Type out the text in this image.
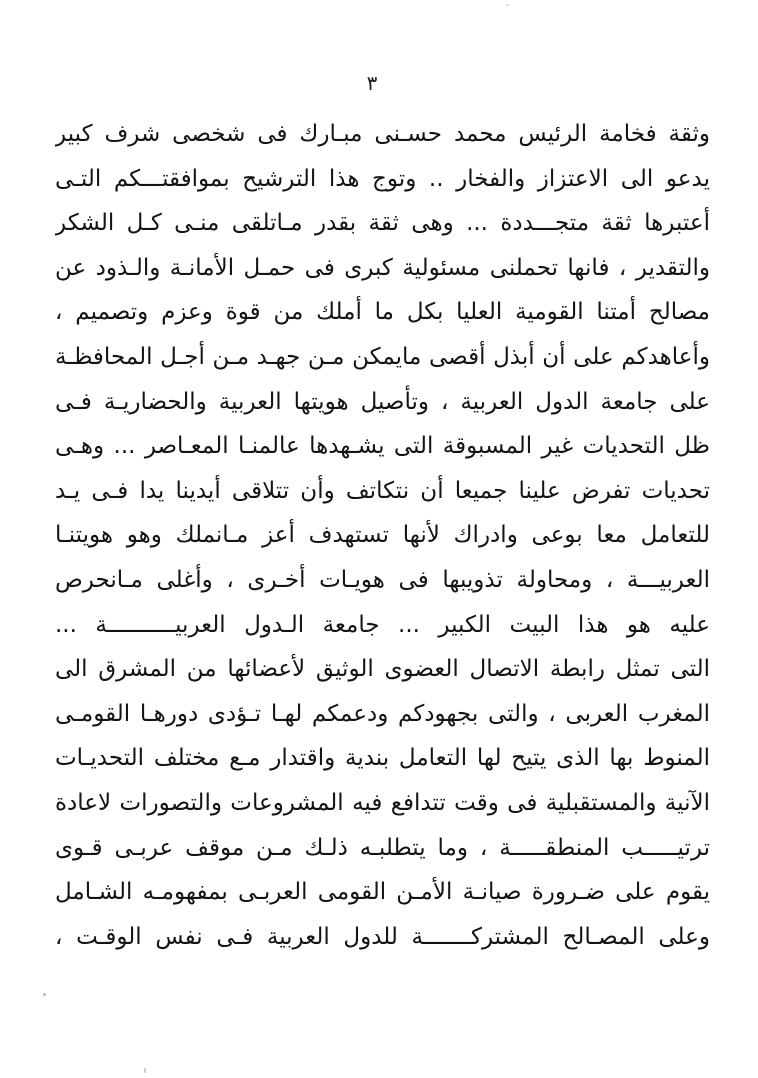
٣
وثقة فخامة الرئيس محمد حسـنى مبـارك فى شخصى شرف كبير
يدعو الى الاعتزاز والفخار .. وتوج هذا الترشيح بموافقتـــكم التـى
أعتبرها ثقة متجـــددة ... وهى ثقة بقدر مـاتلقى منـى كـل الشكر
والتقدير ، فانها تحملنى مسئولية كبرى فى حمـل الأمانـة والـذود عن
مصالح أمتنا القومية العليا بكل ما أملك من قوة وعزم وتصميم ،
وأعاهدكم على أن أبذل أقصى مايمكن مـن جهـد مـن أجـل المحافظـة
على جامعة الدول العربية ، وتأصيل هويتها العربية والحضاريـة فـى
ظل التحديات غير المسبوقة التى يشـهدها عالمنـا المعـاصر ... وهـى
تحديات تفرض علينا جميعا أن نتكاتف وأن تتلاقى أيدينا يدا فـى يـد
للتعامل معا بوعى وادراك لأنها تستهدف أعز مـانملك وهو هويتنـا
العربيـــة ، ومحاولة تذويبها فى هويـات أخـرى ، وأغلى مـانحرص
عليه هو هذا البيت الكبير ... جامعة الـدول العربيــــــــــة ...
التى تمثل رابطة الاتصال العضوى الوثيق لأعضائها من المشرق الى
المغرب العربى ، والتى بجهودكم ودعمكم لهـا تـؤدى دورهـا القومـى
المنوط بها الذى يتيح لها التعامل بندية واقتدار مـع مختلف التحديـات
الآنية والمستقبلية فى وقت تتدافع فيه المشروعات والتصورات لاعادة
ترتيـــــب المنطقـــــة ، وما يتطلبـه ذلـك مـن موقف عربـى قـوى
يقوم على ضـرورة صيانـة الأمـن القومى العربـى بمفهومـه الشـامل
وعلى المصـالح المشتركـــــــة للدول العربية فـى نفس الوقـت ،
